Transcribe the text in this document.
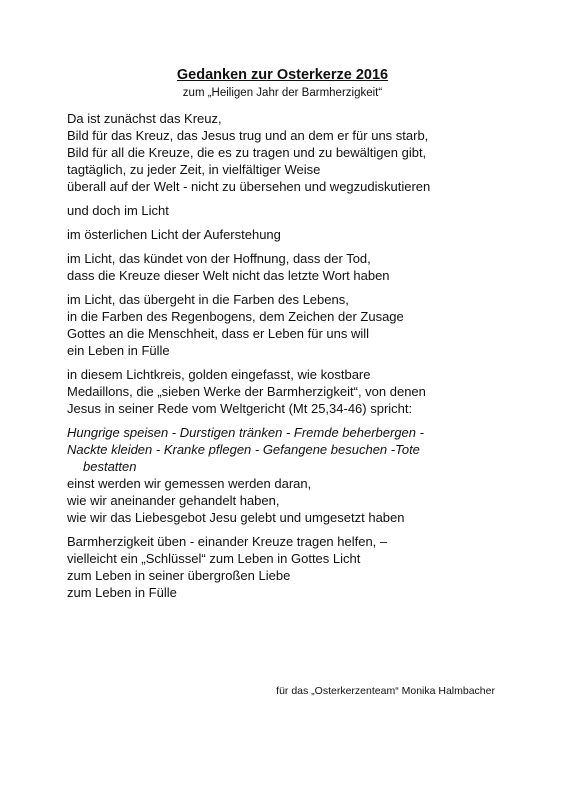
Gedanken zur Osterkerze 2016
zum „Heiligen Jahr der Barmherzigkeit“
Da ist zunächst das Kreuz,
Bild für das Kreuz, das Jesus trug und an dem er für uns starb,
Bild für all die Kreuze, die es zu tragen und zu bewältigen gibt,
tagtäglich, zu jeder Zeit, in vielfältiger Weise
überall auf der Welt - nicht zu übersehen und wegzudiskutieren
und doch im Licht
im österlichen Licht der Auferstehung
im Licht, das kündet von der Hoffnung, dass der Tod,
dass die Kreuze dieser Welt nicht das letzte Wort haben
im Licht, das übergeht in die Farben des Lebens,
in die Farben des Regenbogens, dem Zeichen der Zusage
Gottes an die Menschheit, dass er Leben für uns will
ein Leben in Fülle
in diesem Lichtkreis, golden eingefasst, wie kostbare
Medaillons, die „sieben Werke der Barmherzigkeit“, von denen
Jesus in seiner Rede vom Weltgericht (Mt 25,34-46) spricht:
Hungrige speisen - Durstigen tränken - Fremde beherbergen -
Nackte kleiden - Kranke pflegen - Gefangene besuchen -Tote
bestatten
einst werden wir gemessen werden daran,
wie wir aneinander gehandelt haben,
wie wir das Liebesgebot Jesu gelebt und umgesetzt haben
Barmherzigkeit üben - einander Kreuze tragen helfen, –
vielleicht ein „Schlüssel“ zum Leben in Gottes Licht
zum Leben in seiner übergroßen Liebe
zum Leben in Fülle
für das „Osterkerzenteam“ Monika Halmbacher
